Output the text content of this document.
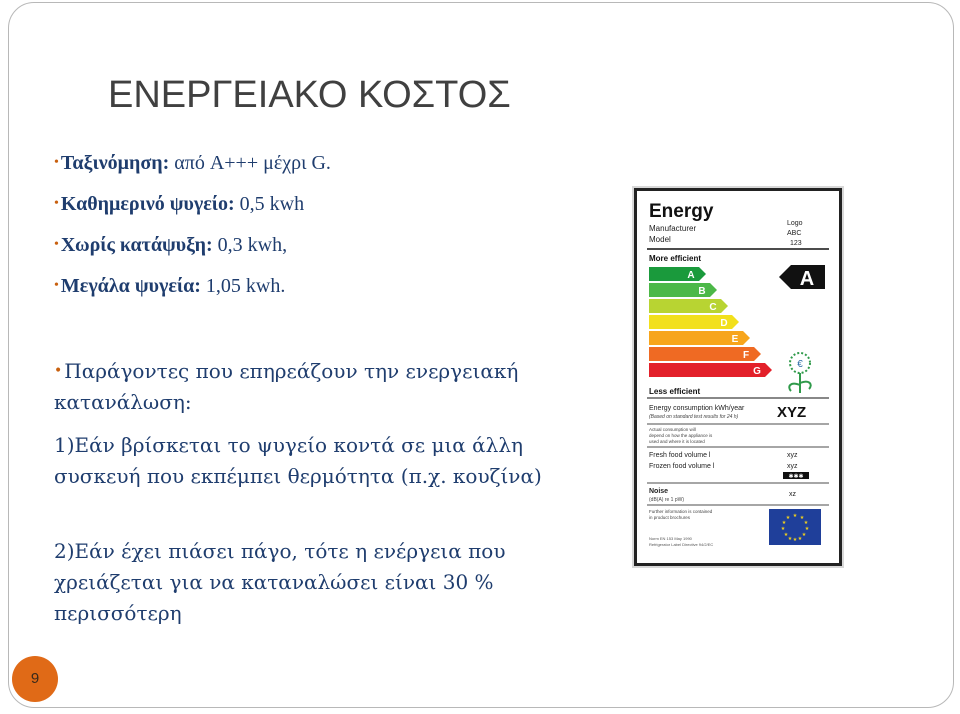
ΕΝΕΡΓΕΙΑΚΟ ΚΟΣΤΟΣ
• Ταξινόμηση: από A+++ μέχρι G.
• Καθημερινό ψυγείο: 0,5 kwh
• Χωρίς κατάψυξη: 0,3 kwh,
• Μεγάλα ψυγεία: 1,05 kwh.
• Παράγοντες που επηρεάζουν την ενεργειακή κατανάλωση:
1)Εάν βρίσκεται το ψυγείο κοντά σε μια άλλη συσκευή που εκπέμπει θερμότητα (π.χ. κουζίνα)
2)Εάν έχει πιάσει πάγο, τότε η ενέργεια που χρειάζεται για να καταναλώσει είναι 30 % περισσότερη
9
Energy
Manufacturer
Model
Logo
ABC
123
More efficient
A
B
C
D
E
F
G
A
€
Less efficient
Energy consumption kWh/year
(Based on standard test results for 24 h)	XYZ
Actual consumption will
depend on how the appliance is
used and where it is located
Fresh food volume l
Frozen food volume l
xyz
xyz
✱✱✱
Noise
(dB(A) re 1 pW)
xz
Further information is contained
in product brochures	★ ★
★
★
★
★
★
★
★
★
★
★
Norm EN 153 May 1990
Refrigerator Label Directive 94/2/EC
